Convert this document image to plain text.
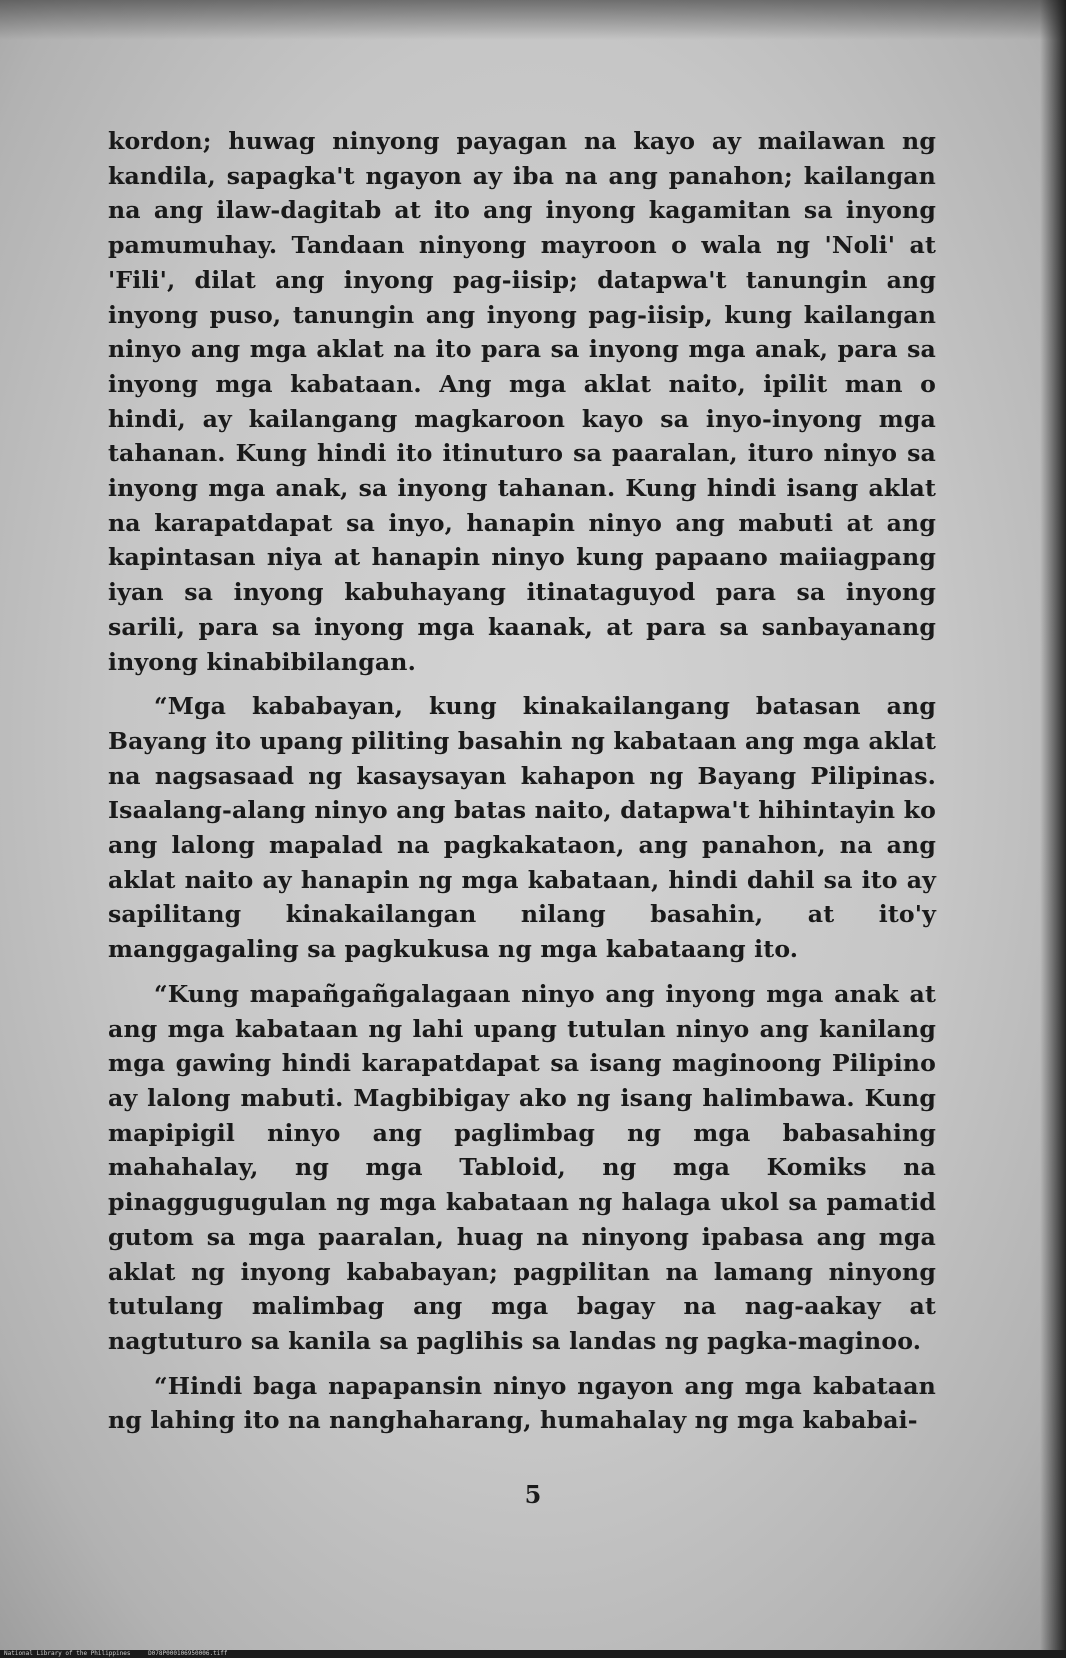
kordon; huwag ninyong payagan na kayo ay mailawan ng kandila, sapagka't ngayon ay iba na ang panahon; kailangan na ang ilaw-dagitab at ito ang inyong kagamitan sa inyong pamumuhay. Tandaan ninyong mayroon o wala ng 'Noli' at 'Fili', dilat ang inyong pag-iisip; datapwa't tanungin ang inyong puso, tanungin ang inyong pag-iisip, kung kailangan ninyo ang mga aklat na ito para sa inyong mga anak, para sa inyong mga kabataan. Ang mga aklat naito, ipilit man o hindi, ay kailangang magkaroon kayo sa inyo-inyong mga tahanan. Kung hindi ito itinuturo sa paaralan, ituro ninyo sa inyong mga anak, sa inyong tahanan. Kung hindi isang aklat na karapatdapat sa inyo, hanapin ninyo ang mabuti at ang kapintasan niya at hanapin ninyo kung papaano maiiagpang iyan sa inyong kabuhayang itinataguyod para sa inyong sarili, para sa inyong mga kaanak, at para sa sanbayanang inyong kinabibilangan.

“Mga kababayan, kung kinakailangang batasan ang Bayang ito upang piliting basahin ng kabataan ang mga aklat na nagsasaad ng kasaysayan kahapon ng Bayang Pilipinas. Isaalang-alang ninyo ang batas naito, datapwa't hihintayin ko ang lalong mapalad na pagkakataon, ang panahon, na ang aklat naito ay hanapin ng mga kabataan, hindi dahil sa ito ay sapilitang kinakailangan nilang basahin, at ito'y manggagaling sa pagkukusa ng mga kabataang ito.

“Kung mapañgañgalagaan ninyo ang inyong mga anak at ang mga kabataan ng lahi upang tutulan ninyo ang kanilang mga gawing hindi karapatdapat sa isang maginoong Pilipino ay lalong mabuti. Magbibigay ako ng isang halimbawa. Kung mapipigil ninyo ang paglimbag ng mga babasahing mahahalay, ng mga Tabloid, ng mga Komiks na pinaggugugulan ng mga kabataan ng halaga ukol sa pamatid gutom sa mga paaralan, huag na ninyong ipabasa ang mga aklat ng inyong kababayan; pagpilitan na lamang ninyong tutulang malimbag ang mga bagay na nag-aakay at nagtuturo sa kanila sa paglihis sa landas ng pagka-maginoo.

“Hindi baga napapansin ninyo ngayon ang mga kabataan ng lahing ito na nanghaharang, humahalay ng mga kababai-

5
National Library of the Philippines	D078P000106950006.tiff
